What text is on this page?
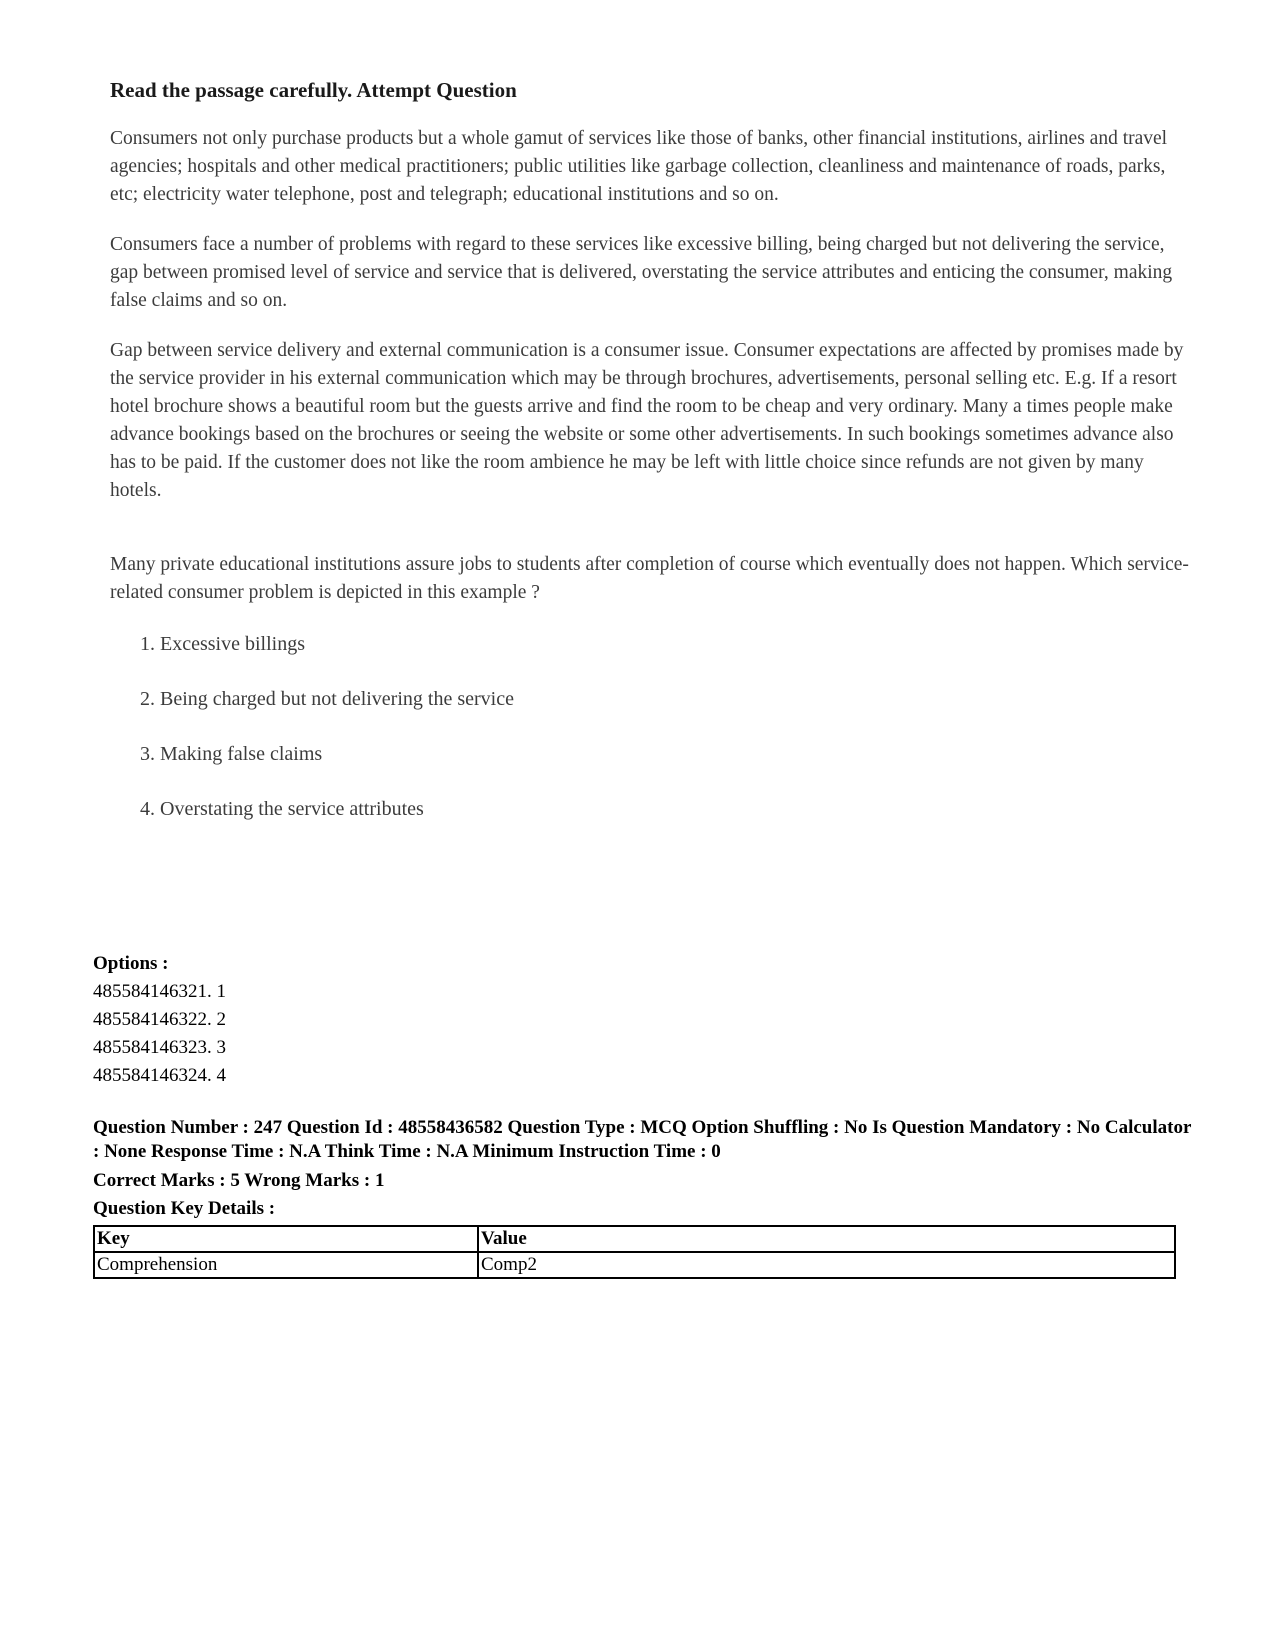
Read the passage carefully. Attempt Question

Consumers not only purchase products but a whole gamut of services like those of banks, other financial institutions, airlines and travel agencies; hospitals and other medical practitioners; public utilities like garbage collection, cleanliness and maintenance of roads, parks, etc; electricity water telephone, post and telegraph; educational institutions and so on.

Consumers face a number of problems with regard to these services like excessive billing, being charged but not delivering the service, gap between promised level of service and service that is delivered, overstating the service attributes and enticing the consumer, making false claims and so on.

Gap between service delivery and external communication is a consumer issue. Consumer expectations are affected by promises made by the service provider in his external communication which may be through brochures, advertisements, personal selling etc. E.g. If a resort hotel brochure shows a beautiful room but the guests arrive and find the room to be cheap and very ordinary. Many a times people make advance bookings based on the brochures or seeing the website or some other advertisements. In such bookings sometimes advance also has to be paid. If the customer does not like the room ambience he may be left with little choice since refunds are not given by many hotels.

Many private educational institutions assure jobs to students after completion of course which eventually does not happen. Which service-related consumer problem is depicted in this example ?

1. Excessive billings
2. Being charged but not delivering the service
3. Making false claims
4. Overstating the service attributes
Options :
485584146321. 1
485584146322. 2
485584146323. 3
485584146324. 4
Question Number : 247 Question Id : 48558436582 Question Type : MCQ Option Shuffling : No Is Question Mandatory : No Calculator : None Response Time : N.A Think Time : N.A Minimum Instruction Time : 0
Correct Marks : 5 Wrong Marks : 1
Question Key Details :
Key	Value
Comprehension	Comp2
